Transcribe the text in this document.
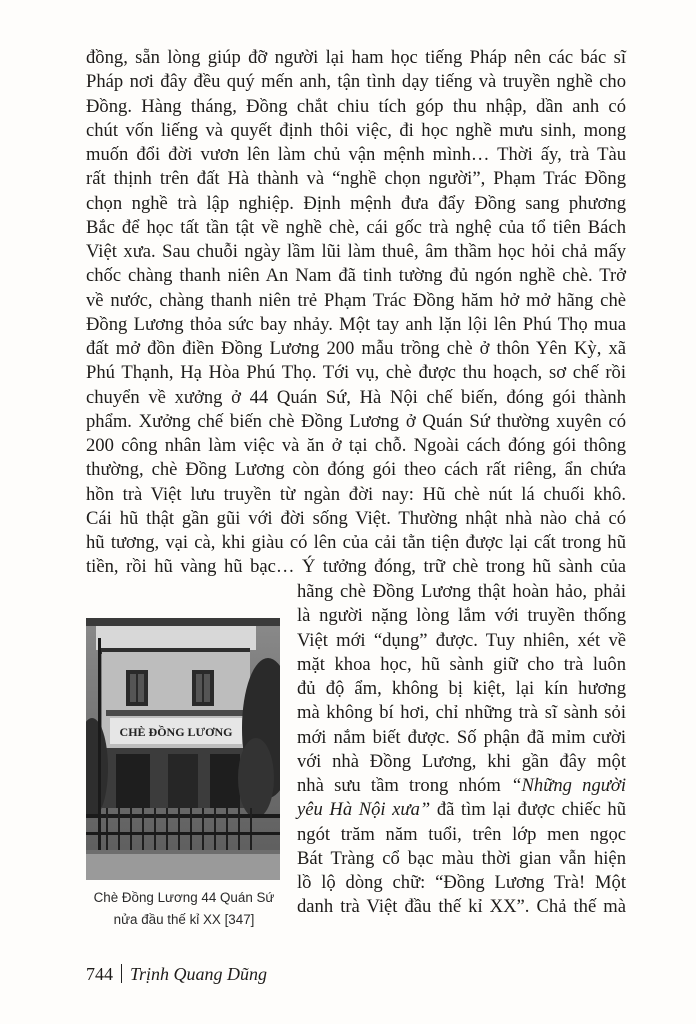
đồng, sẵn lòng giúp đỡ người lại ham học tiếng Pháp nên các bác sĩ
Pháp nơi đây đều quý mến anh, tận tình dạy tiếng và truyền nghề cho
Đồng. Hàng tháng, Đồng chắt chiu tích góp thu nhập, dần anh có
chút vốn liếng và quyết định thôi việc, đi học nghề mưu sinh, mong
muốn đổi đời vươn lên làm chủ vận mệnh mình… Thời ấy, trà Tàu
rất thịnh trên đất Hà thành và “nghề chọn người”, Phạm Trác Đồng
chọn nghề trà lập nghiệp. Định mệnh đưa đẩy Đồng sang phương
Bắc để học tất tần tật về nghề chè, cái gốc trà nghệ của tổ tiên Bách
Việt xưa. Sau chuỗi ngày lầm lũi làm thuê, âm thầm học hỏi chả mấy
chốc chàng thanh niên An Nam đã tinh tường đủ ngón nghề chè. Trở
về nước, chàng thanh niên trẻ Phạm Trác Đồng hăm hở mở hãng chè
Đồng Lương thỏa sức bay nhảy. Một tay anh lặn lội lên Phú Thọ mua
đất mở đồn điền Đồng Lương 200 mẫu trồng chè ở thôn Yên Kỳ, xã
Phú Thạnh, Hạ Hòa Phú Thọ. Tới vụ, chè được thu hoạch, sơ chế rồi
chuyển về xưởng ở 44 Quán Sứ, Hà Nội chế biến, đóng gói thành
phẩm. Xưởng chế biến chè Đồng Lương ở Quán Sứ thường xuyên có
200 công nhân làm việc và ăn ở tại chỗ. Ngoài cách đóng gói thông
thường, chè Đồng Lương còn đóng gói theo cách rất riêng, ẩn chứa
hồn trà Việt lưu truyền từ ngàn đời nay: Hũ chè nút lá chuối khô.
Cái hũ thật gần gũi với đời sống Việt. Thường nhật nhà nào chả có
hũ tương, vại cà, khi giàu có lên của cải tằn tiện được lại cất trong hũ
tiền, rồi hũ vàng hũ bạc… Ý tưởng đóng, trữ chè trong hũ sành của
hãng chè Đồng Lương thật hoàn hảo, phải
là người nặng lòng lắm với truyền thống
Việt mới “dụng” được. Tuy nhiên, xét về
mặt khoa học, hũ sành giữ cho trà luôn
đủ độ ẩm, không bị kiệt, lại kín hương
mà không bí hơi, chỉ những trà sĩ sành sỏi
mới nắm biết được. Số phận đã mỉm cười
với nhà Đồng Lương, khi gần đây một
nhà sưu tầm trong nhóm “Những người
yêu Hà Nội xưa” đã tìm lại được chiếc hũ
ngót trăm năm tuổi, trên lớp men ngọc
Bát Tràng cổ bạc màu thời gian vẫn hiện
lồ lộ dòng chữ: “Đồng Lương Trà! Một
danh trà Việt đầu thế kỉ XX”. Chả thế mà
CHÈ ĐỒNG LƯƠNG
Chè Đồng Lương 44 Quán Sứ
nửa đầu thế kỉ XX [347]
744 Trịnh Quang Dũng
